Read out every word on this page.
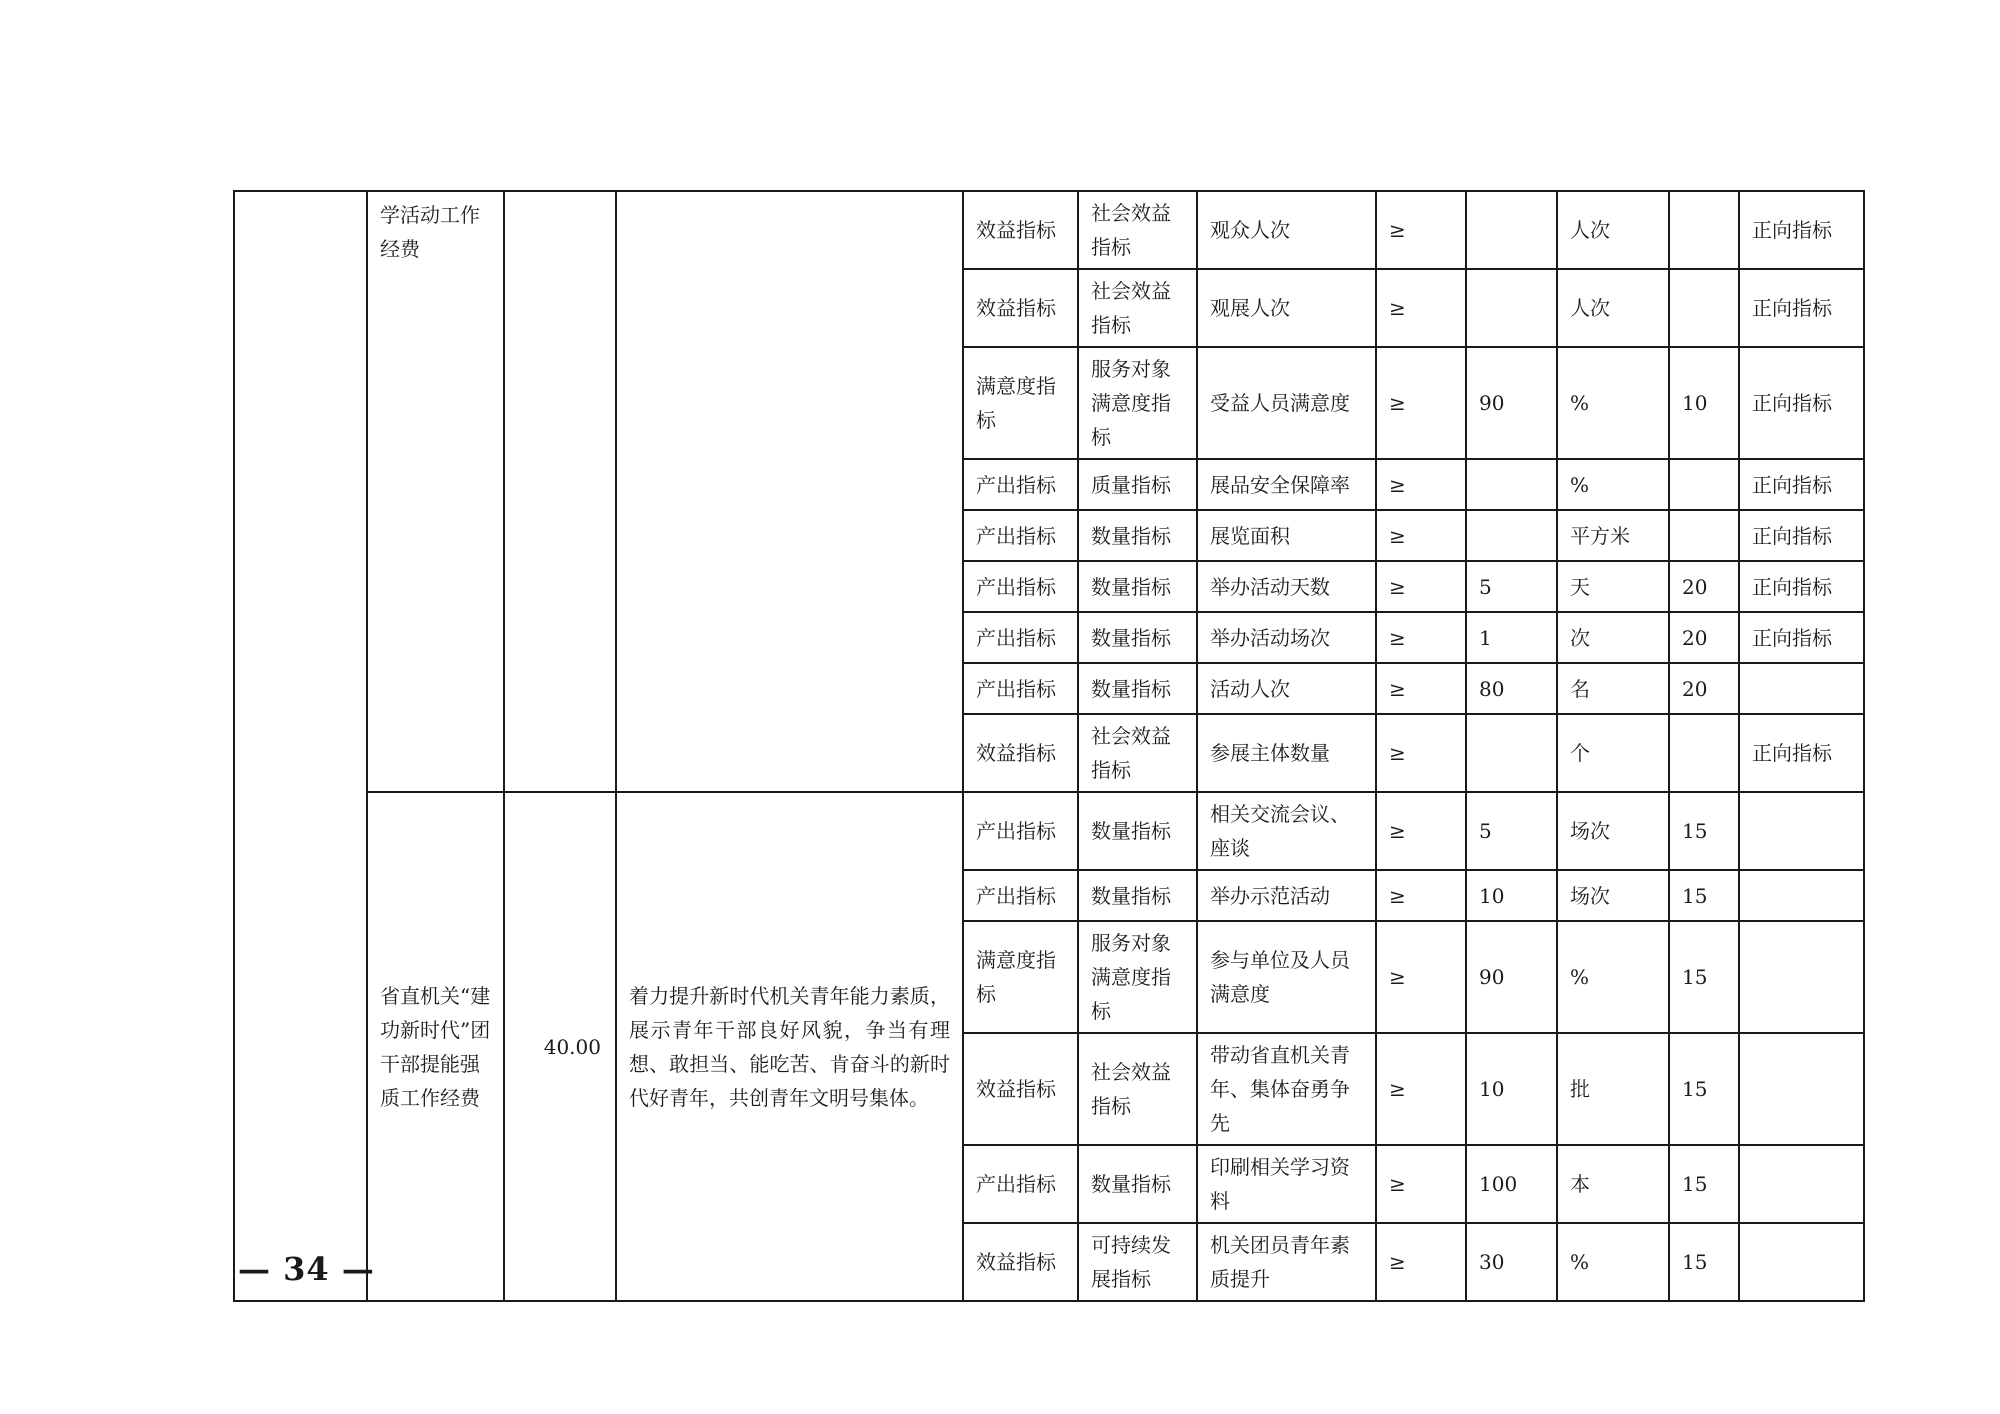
	学活动工作经费			效益指标	社会效益指标	观众人次	≥		人次		正向指标
				效益指标	社会效益指标	观展人次	≥		人次		正向指标
				满意度指标	服务对象满意度指标	受益人员满意度	≥	90	%	10	正向指标
				产出指标	质量指标	展品安全保障率	≥		%		正向指标
				产出指标	数量指标	展览面积	≥		平方米		正向指标
				产出指标	数量指标	举办活动天数	≥	5	天	20	正向指标
				产出指标	数量指标	举办活动场次	≥	1	次	20	正向指标
				产出指标	数量指标	活动人次	≥	80	名	20	
				效益指标	社会效益指标	参展主体数量	≥		个		正向指标
	省直机关“建功新时代”团干部提能强质工作经费	40.00	着力提升新时代机关青年能力素质，展示青年干部良好风貌，争当有理想、敢担当、能吃苦、肯奋斗的新时代好青年，共创青年文明号集体。	产出指标	数量指标	相关交流会议、座谈	≥	5	场次	15	
				产出指标	数量指标	举办示范活动	≥	10	场次	15	
				满意度指标	服务对象满意度指标	参与单位及人员满意度	≥	90	%	15	
				效益指标	社会效益指标	带动省直机关青年、集体奋勇争先	≥	10	批	15	
				产出指标	数量指标	印刷相关学习资料	≥	100	本	15	
				效益指标	可持续发展指标	机关团员青年素质提升	≥	30	%	15	
— 34 —
